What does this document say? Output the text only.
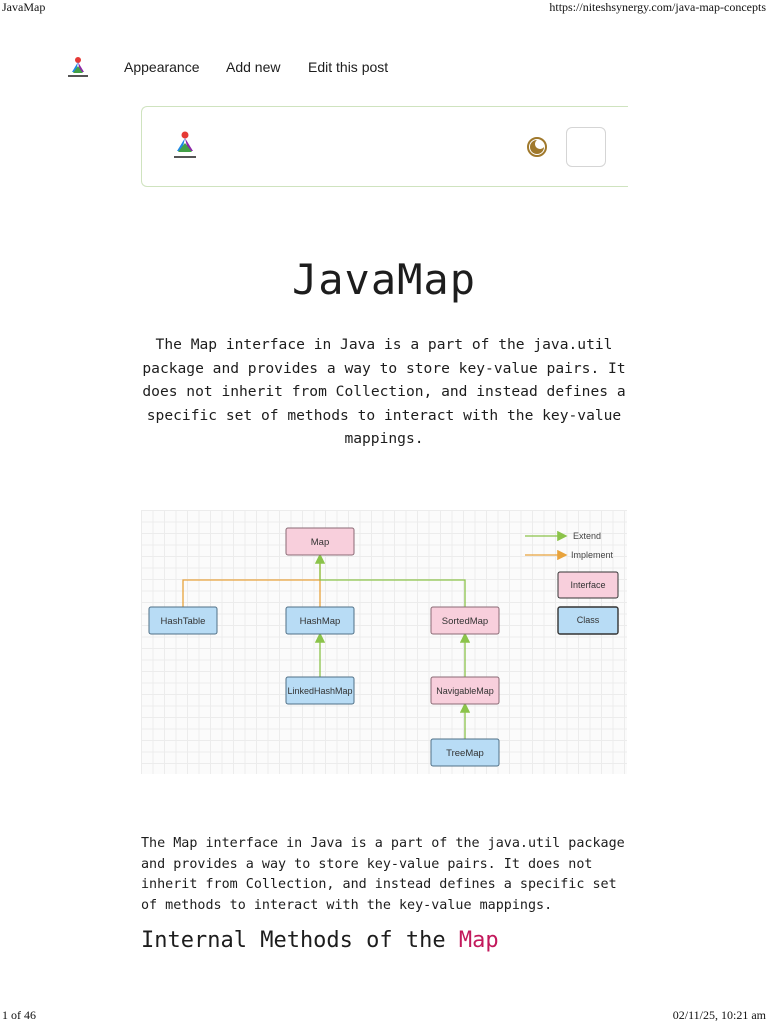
JavaMap	https://niteshsynergy.com/java-map-concepts
Appearance Add new Edit this post
JavaMap
The Map interface in Java is a part of the java.util package and provides a way to store key-value pairs. It does not inherit from Collection, and instead defines a specific set of methods to interact with the key-value mappings.
Map
HashTable	HashMap	SortedMap
LinkedHashMap	NavigableMap
TreeMap
Extend
Implement
Interface
Class
The Map interface in Java is a part of the java.util package and provides a way to store key-value pairs. It does not inherit from Collection, and instead defines a specific set of methods to interact with the key-value mappings.
Internal Methods of the Map
1 of 46	02/11/25, 10:21 am
